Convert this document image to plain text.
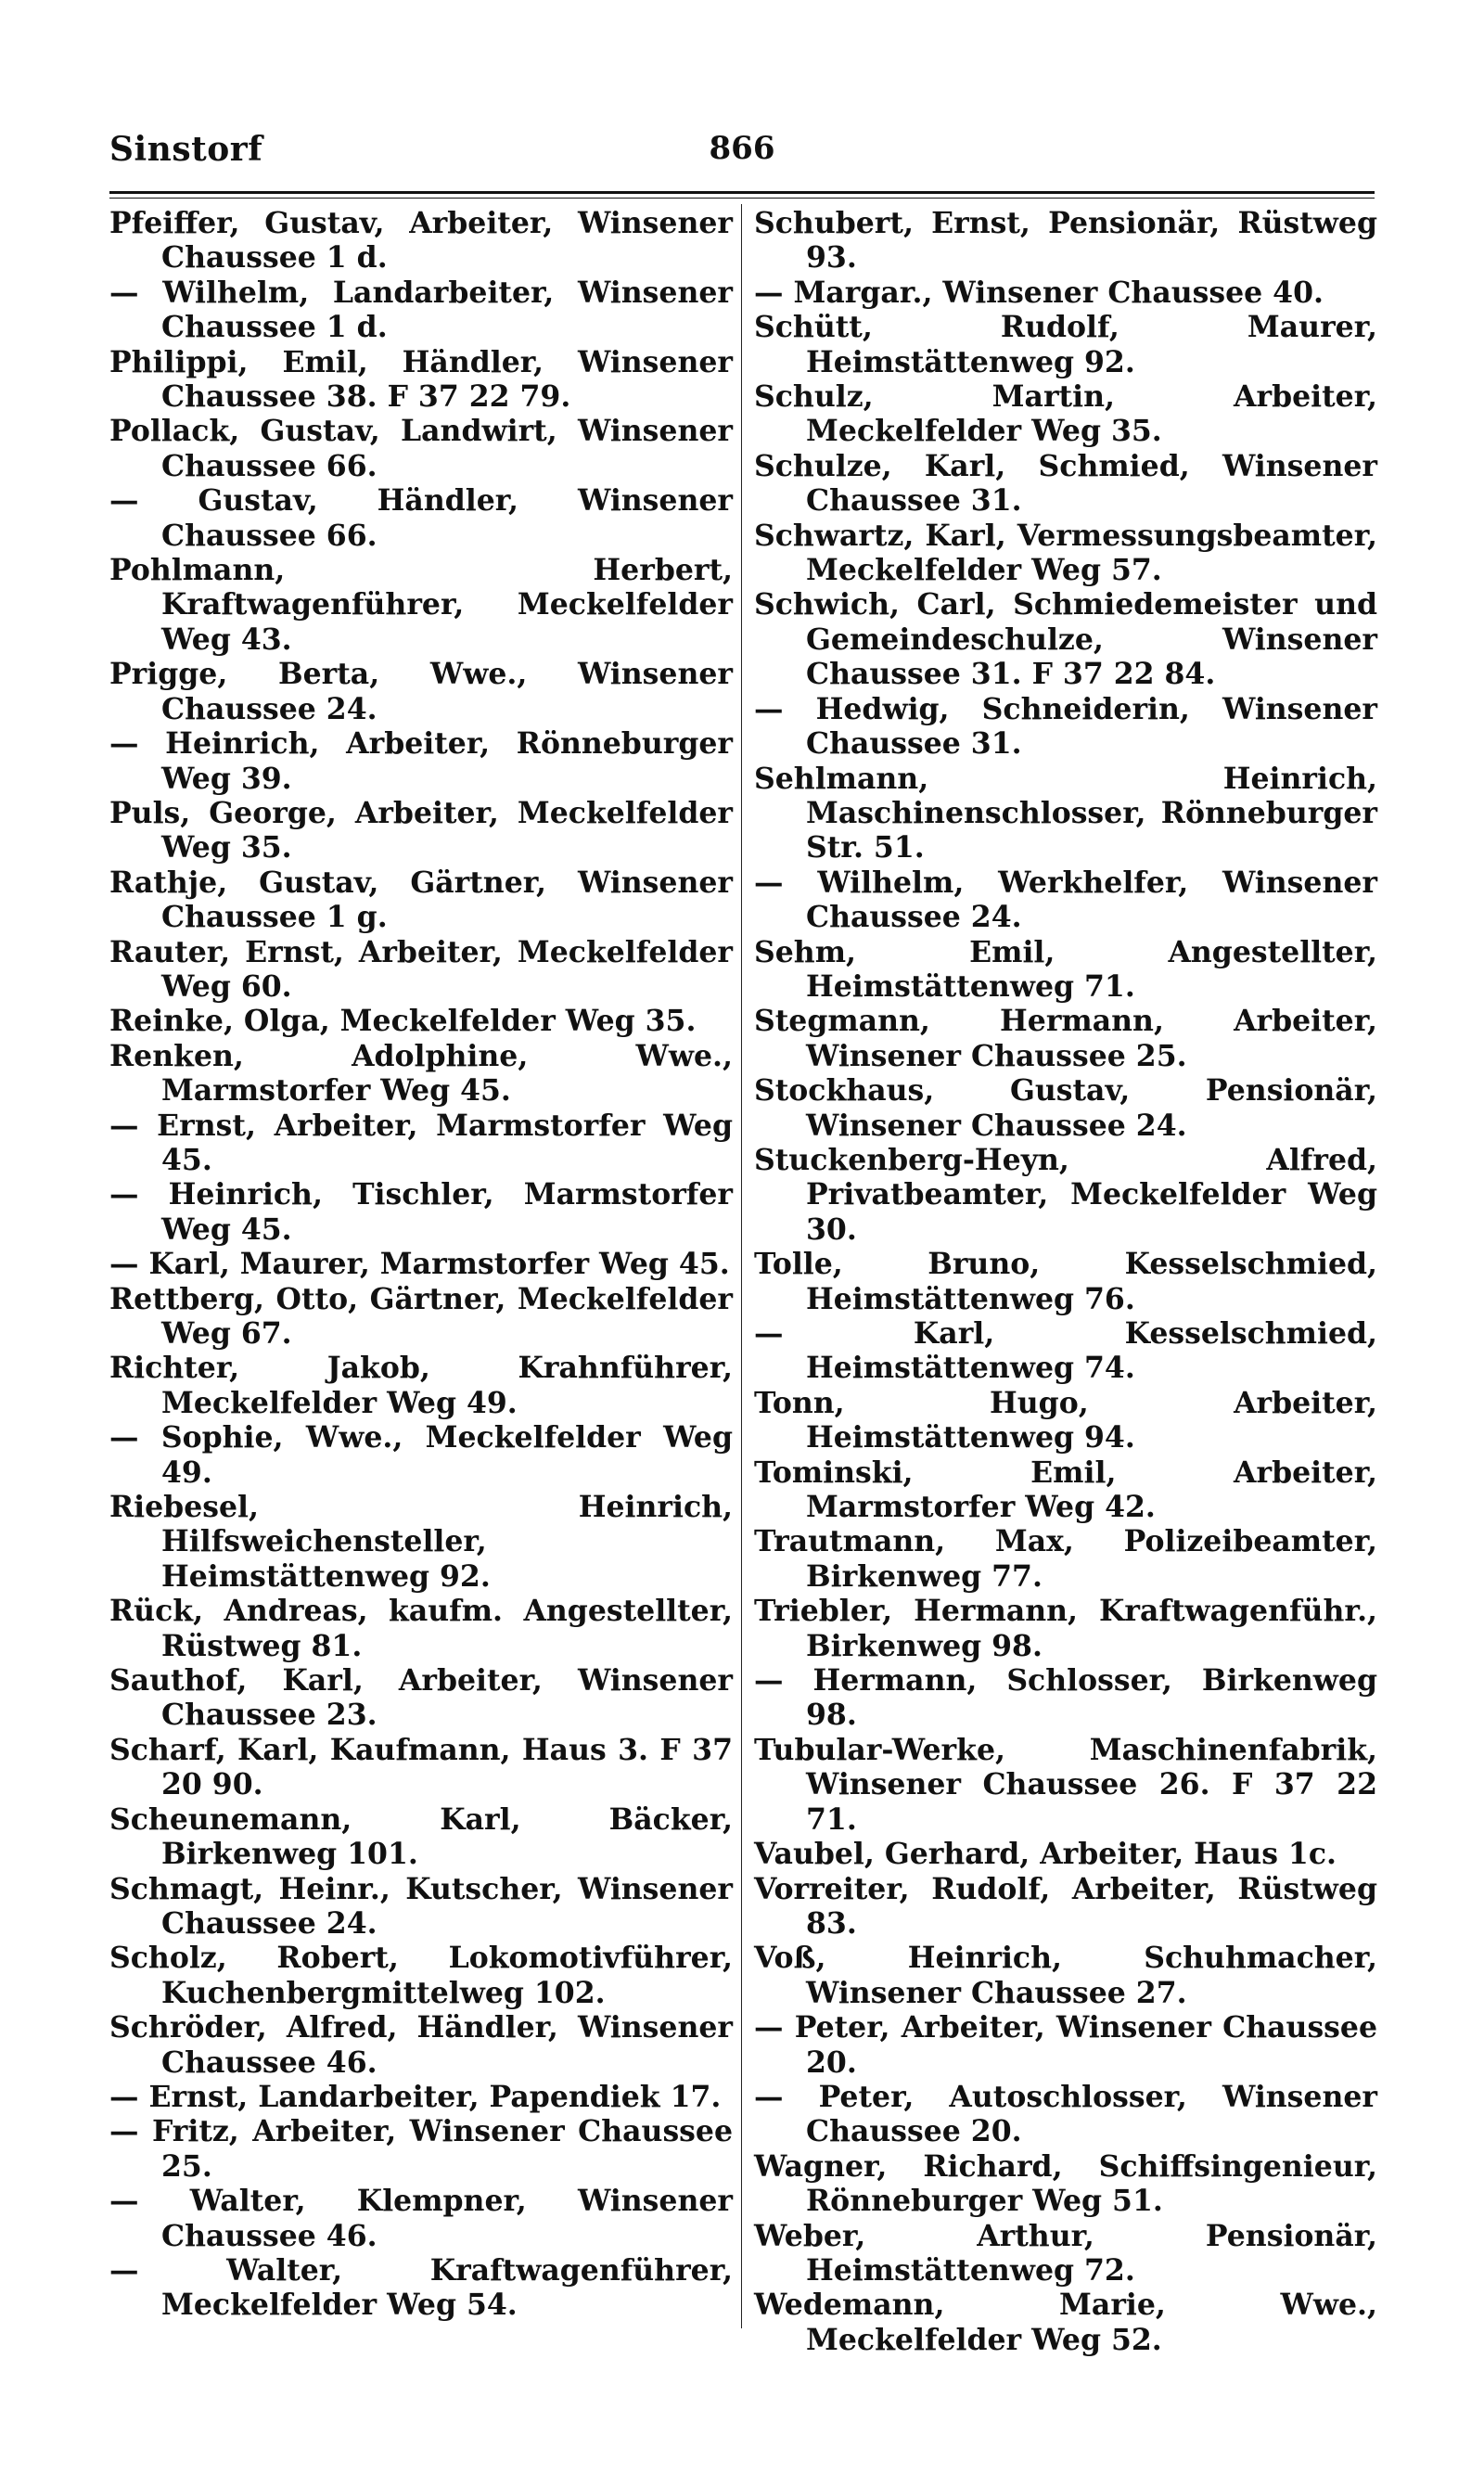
Sinstorf	866

Pfeiffer, Gustav, Arbeiter, Winsener Chaussee 1 d.

— Wilhelm, Landarbeiter, Winsener Chaussee 1 d.

Philippi, Emil, Händler, Winsener Chaussee 38. F 37 22 79.

Pollack, Gustav, Landwirt, Winsener Chaussee 66.

— Gustav, Händler, Winsener Chaussee 66.

Pohlmann, Herbert, Kraftwagenführer, Meckelfelder Weg 43.

Prigge, Berta, Wwe., Winsener Chaussee 24.

— Heinrich, Arbeiter, Rönneburger Weg 39.

Puls, George, Arbeiter, Meckelfelder Weg 35.

Rathje, Gustav, Gärtner, Winsener Chaussee 1 g.

Rauter, Ernst, Arbeiter, Meckelfelder Weg 60.

Reinke, Olga, Meckelfelder Weg 35.

Renken, Adolphine, Wwe., Marmstorfer Weg 45.

— Ernst, Arbeiter, Marmstorfer Weg 45.

— Heinrich, Tischler, Marmstorfer Weg 45.

— Karl, Maurer, Marmstorfer Weg 45.

Rettberg, Otto, Gärtner, Meckelfelder Weg 67.

Richter, Jakob, Krahnführer, Meckelfelder Weg 49.

— Sophie, Wwe., Meckelfelder Weg 49.

Riebesel, Heinrich, Hilfsweichensteller, Heimstättenweg 92.

Rück, Andreas, kaufm. Angestellter, Rüstweg 81.

Sauthof, Karl, Arbeiter, Winsener Chaussee 23.

Scharf, Karl, Kaufmann, Haus 3. F 37 20 90.

Scheunemann, Karl, Bäcker, Birkenweg 101.

Schmagt, Heinr., Kutscher, Winsener Chaussee 24.

Scholz, Robert, Lokomotivführer, Kuchenbergmittelweg 102.

Schröder, Alfred, Händler, Winsener Chaussee 46.

— Ernst, Landarbeiter, Papendiek 17.

— Fritz, Arbeiter, Winsener Chaussee 25.

— Walter, Klempner, Winsener Chaussee 46.

— Walter, Kraftwagenführer, Meckelfelder Weg 54.

Schubert, Ernst, Pensionär, Rüstweg 93.

— Margar., Winsener Chaussee 40.

Schütt, Rudolf, Maurer, Heimstättenweg 92.

Schulz, Martin, Arbeiter, Meckelfelder Weg 35.

Schulze, Karl, Schmied, Winsener Chaussee 31.

Schwartz, Karl, Vermessungsbeamter, Meckelfelder Weg 57.

Schwich, Carl, Schmiedemeister und Gemeindeschulze, Winsener Chaussee 31. F 37 22 84.

— Hedwig, Schneiderin, Winsener Chaussee 31.

Sehlmann, Heinrich, Maschinenschlosser, Rönneburger Str. 51.

— Wilhelm, Werkhelfer, Winsener Chaussee 24.

Sehm, Emil, Angestellter, Heimstättenweg 71.

Stegmann, Hermann, Arbeiter, Winsener Chaussee 25.

Stockhaus, Gustav, Pensionär, Winsener Chaussee 24.

Stuckenberg-Heyn, Alfred, Privatbeamter, Meckelfelder Weg 30.

Tolle, Bruno, Kesselschmied, Heimstättenweg 76.

— Karl, Kesselschmied, Heimstättenweg 74.

Tonn, Hugo, Arbeiter, Heimstättenweg 94.

Tominski, Emil, Arbeiter, Marmstorfer Weg 42.

Trautmann, Max, Polizeibeamter, Birkenweg 77.

Triebler, Hermann, Kraftwagenführ., Birkenweg 98.

— Hermann, Schlosser, Birkenweg 98.

Tubular-Werke, Maschinenfabrik, Winsener Chaussee 26. F 37 22 71.

Vaubel, Gerhard, Arbeiter, Haus 1c.

Vorreiter, Rudolf, Arbeiter, Rüstweg 83.

Voß, Heinrich, Schuhmacher, Winsener Chaussee 27.

— Peter, Arbeiter, Winsener Chaussee 20.

— Peter, Autoschlosser, Winsener Chaussee 20.

Wagner, Richard, Schiffsingenieur, Rönneburger Weg 51.

Weber, Arthur, Pensionär, Heimstättenweg 72.

Wedemann, Marie, Wwe., Meckelfelder Weg 52.
